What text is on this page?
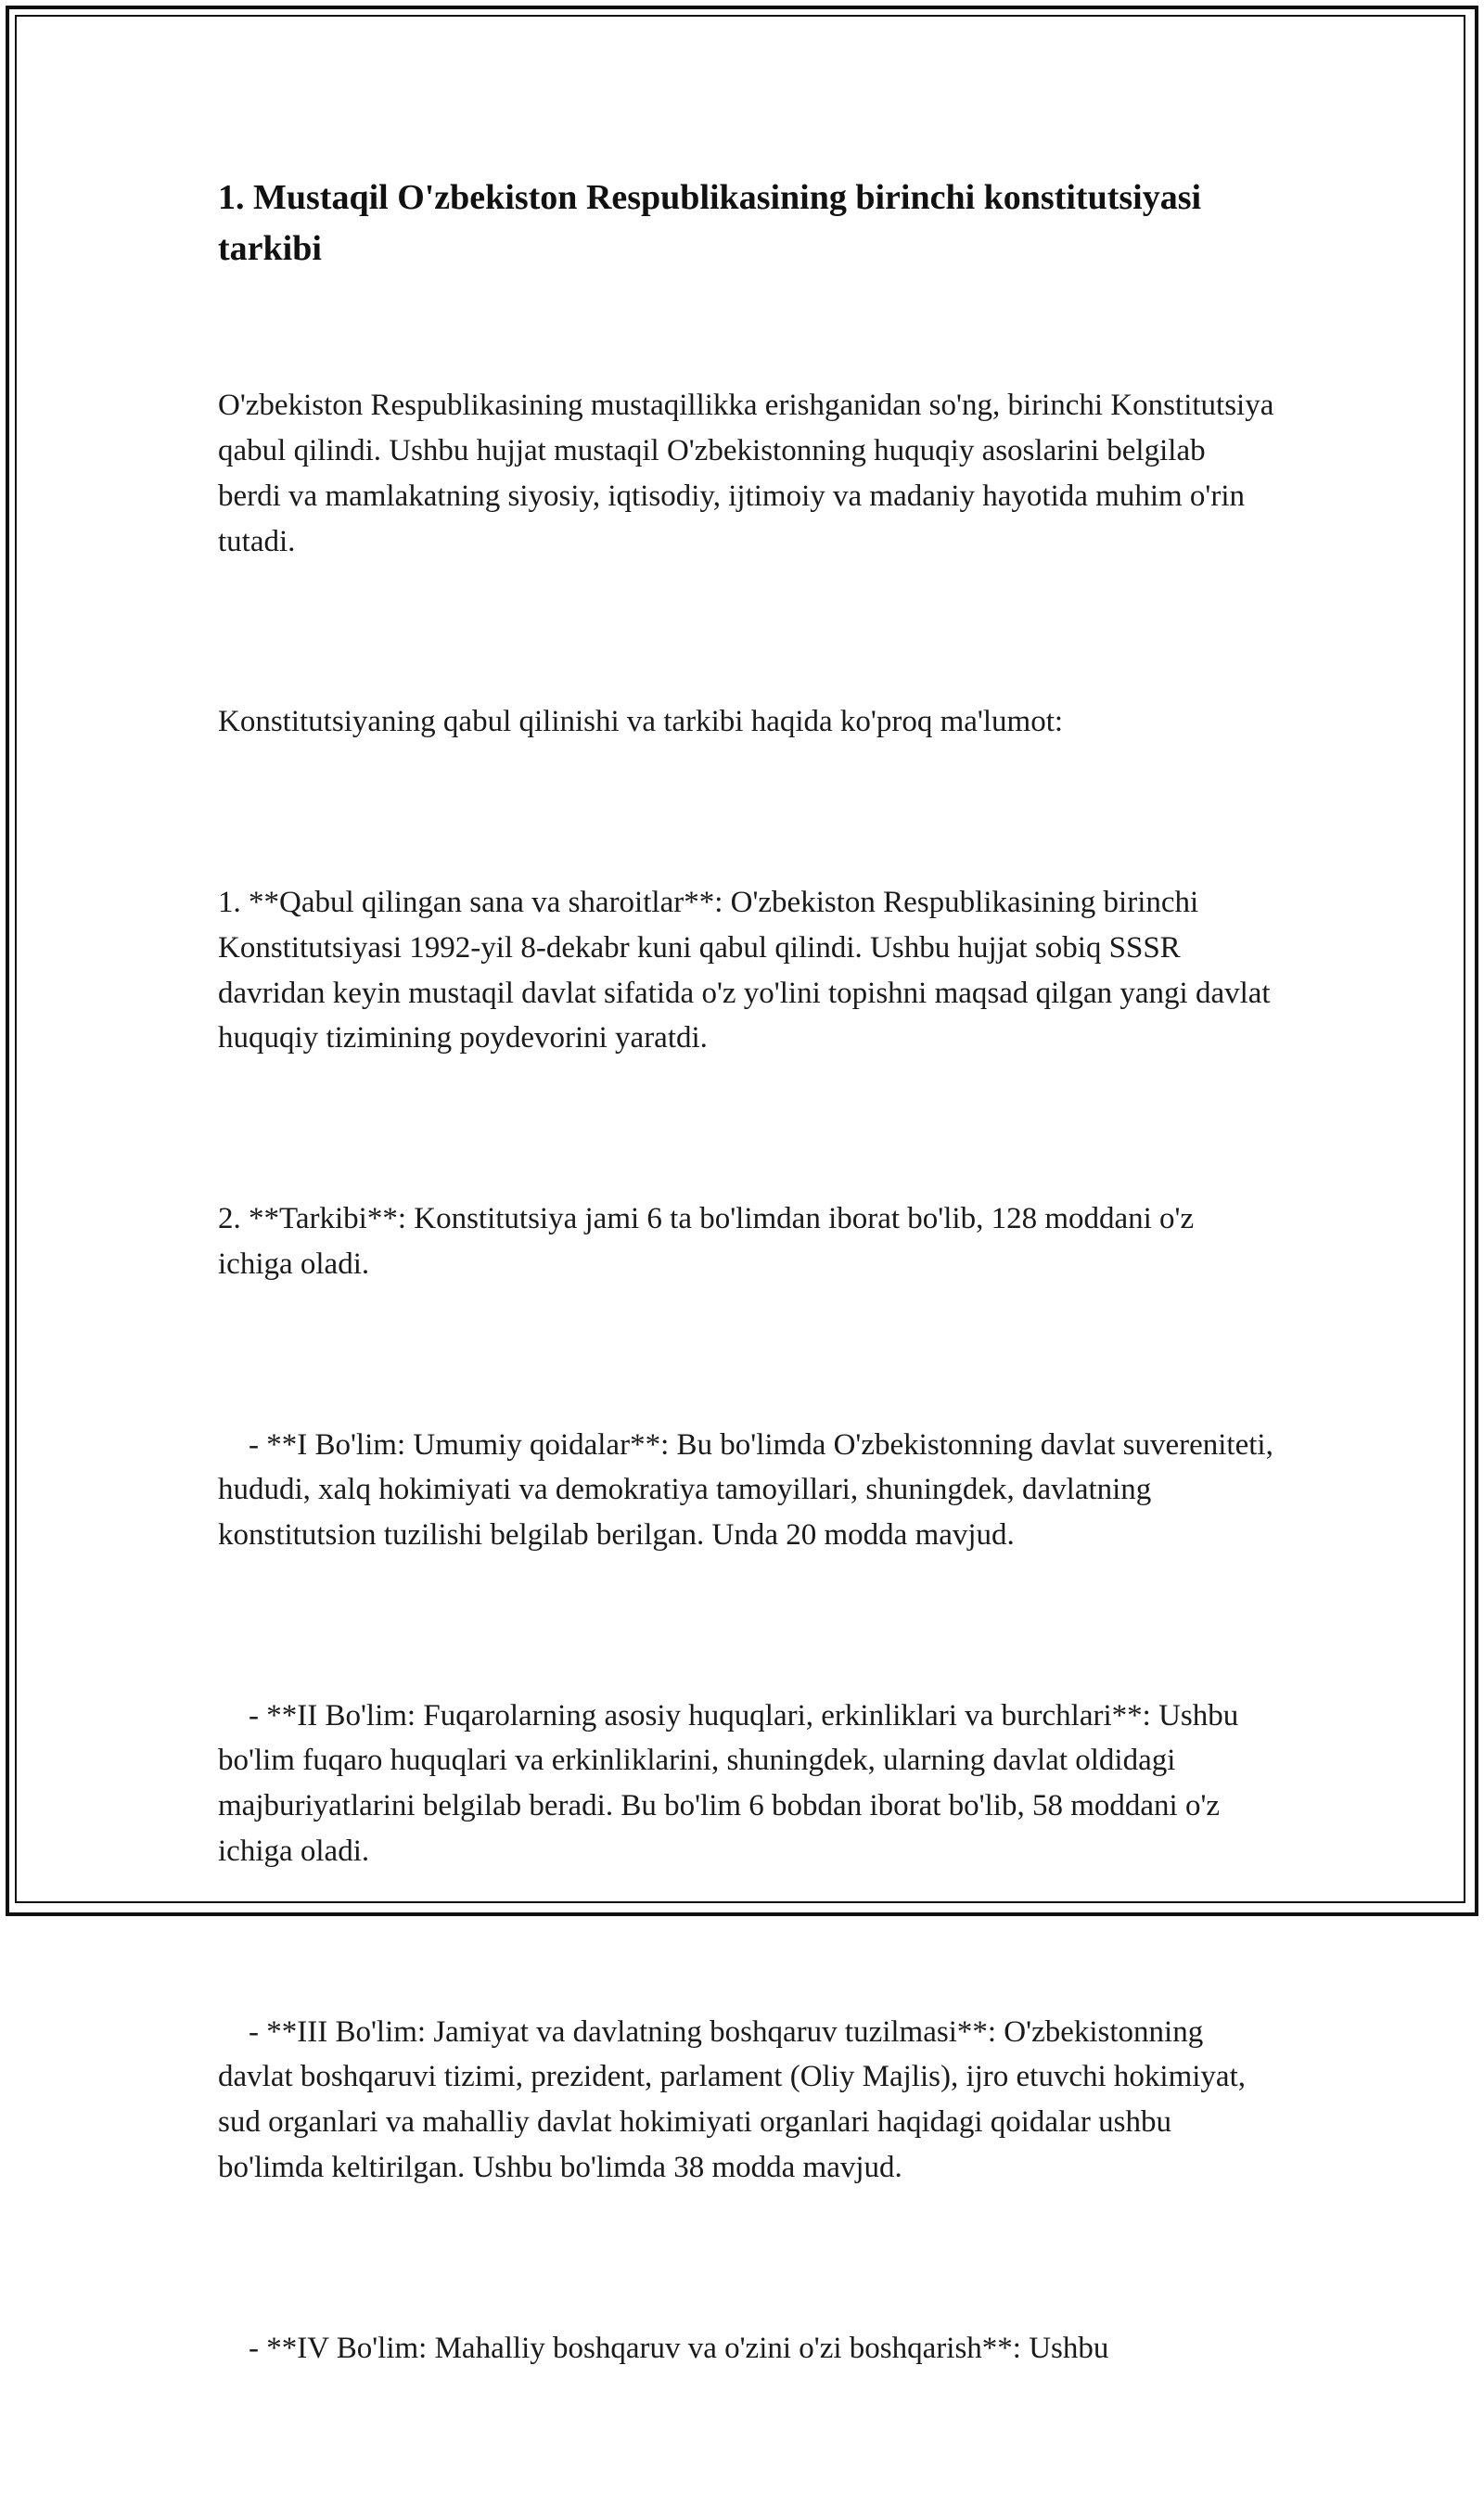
1. Mustaqil O'zbekiston Respublikasining birinchi konstitutsiyasi tarkibi

O'zbekiston Respublikasining mustaqillikka erishganidan so'ng, birinchi Konstitutsiya qabul qilindi. Ushbu hujjat mustaqil O'zbekistonning huquqiy asoslarini belgilab berdi va mamlakatning siyosiy, iqtisodiy, ijtimoiy va madaniy hayotida muhim o'rin tutadi.

Konstitutsiyaning qabul qilinishi va tarkibi haqida ko'proq ma'lumot:

1. **Qabul qilingan sana va sharoitlar**: O'zbekiston Respublikasining birinchi Konstitutsiyasi 1992-yil 8-dekabr kuni qabul qilindi. Ushbu hujjat sobiq SSSR davridan keyin mustaqil davlat sifatida o'z yo'lini topishni maqsad qilgan yangi davlat huquqiy tizimining poydevorini yaratdi.

2. **Tarkibi**: Konstitutsiya jami 6 ta bo'limdan iborat bo'lib, 128 moddani o'z ichiga oladi.

- **I Bo'lim: Umumiy qoidalar**: Bu bo'limda O'zbekistonning davlat suvereniteti, hududi, xalq hokimiyati va demokratiya tamoyillari, shuningdek, davlatning konstitutsion tuzilishi belgilab berilgan. Unda 20 modda mavjud.

- **II Bo'lim: Fuqarolarning asosiy huquqlari, erkinliklari va burchlari**: Ushbu bo'lim fuqaro huquqlari va erkinliklarini, shuningdek, ularning davlat oldidagi majburiyatlarini belgilab beradi. Bu bo'lim 6 bobdan iborat bo'lib, 58 moddani o'z ichiga oladi.

- **III Bo'lim: Jamiyat va davlatning boshqaruv tuzilmasi**: O'zbekistonning davlat boshqaruvi tizimi, prezident, parlament (Oliy Majlis), ijro etuvchi hokimiyat, sud organlari va mahalliy davlat hokimiyati organlari haqidagi qoidalar ushbu bo'limda keltirilgan. Ushbu bo'limda 38 modda mavjud.

- **IV Bo'lim: Mahalliy boshqaruv va o'zini o'zi boshqarish**: Ushbu
